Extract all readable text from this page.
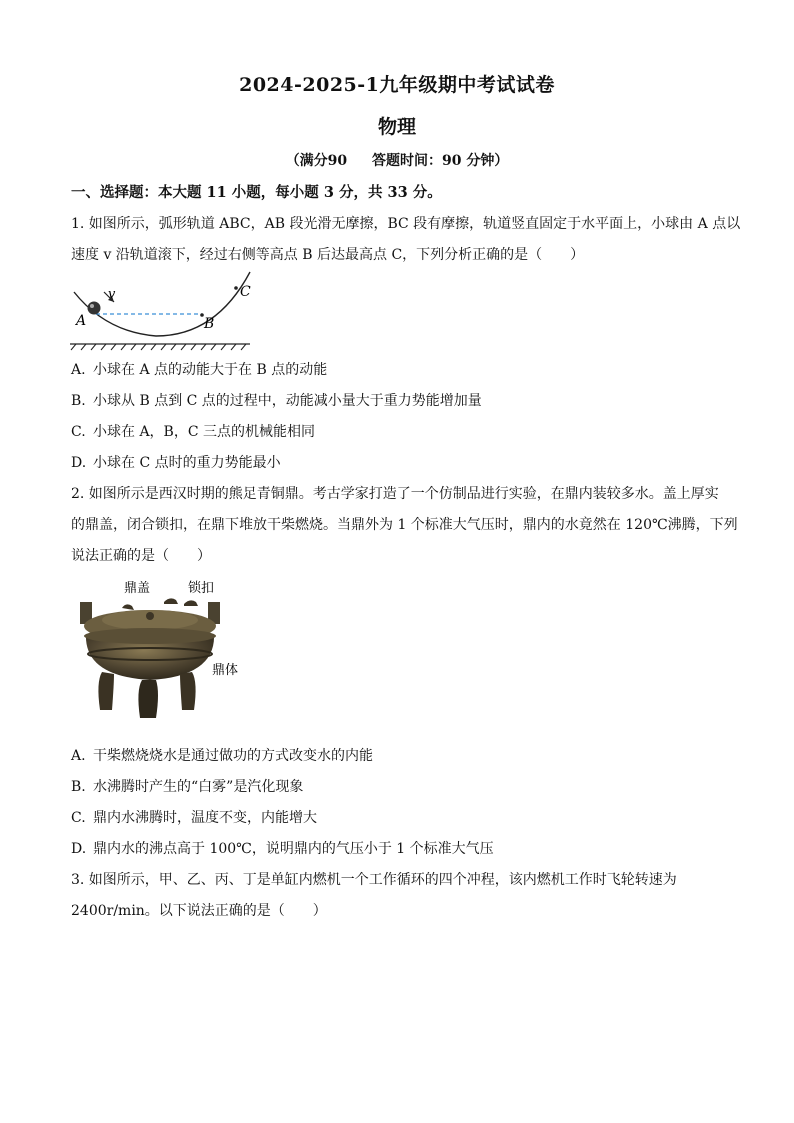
2024-2025-1九年级期中考试试卷
物理
（满分90 答题时间：90 分钟）
一、选择题：本大题 11 小题，每小题 3 分，共 33 分。
1. 如图所示，弧形轨道 ABC，AB 段光滑无摩擦，BC 段有摩擦，轨道竖直固定于水平面上，小球由 A 点以
速度 v 沿轨道滚下，经过右侧等高点 B 后达最高点 C，下列分析正确的是（　　）
A	B
C
v
A. 小球在 A 点的动能大于在 B 点的动能
B. 小球从 B 点到 C 点的过程中，动能减小量大于重力势能增加量
C. 小球在 A，B，C 三点的机械能相同
D. 小球在 C 点时的重力势能最小
2. 如图所示是西汉时期的熊足青铜鼎。考古学家打造了一个仿制品进行实验，在鼎内装较多水。盖上厚实
的鼎盖，闭合锁扣，在鼎下堆放干柴燃烧。当鼎外为 1 个标准大气压时，鼎内的水竟然在 120℃沸腾，下列
说法正确的是（　　）
鼎盖	锁扣
鼎体
A. 干柴燃烧烧水是通过做功的方式改变水的内能
B. 水沸腾时产生的“白雾”是汽化现象
C. 鼎内水沸腾时，温度不变，内能增大
D. 鼎内水的沸点高于 100℃，说明鼎内的气压小于 1 个标准大气压
3. 如图所示，甲、乙、丙、丁是单缸内燃机一个工作循环的四个冲程，该内燃机工作时飞轮转速为
2400r/min。以下说法正确的是（　　）
